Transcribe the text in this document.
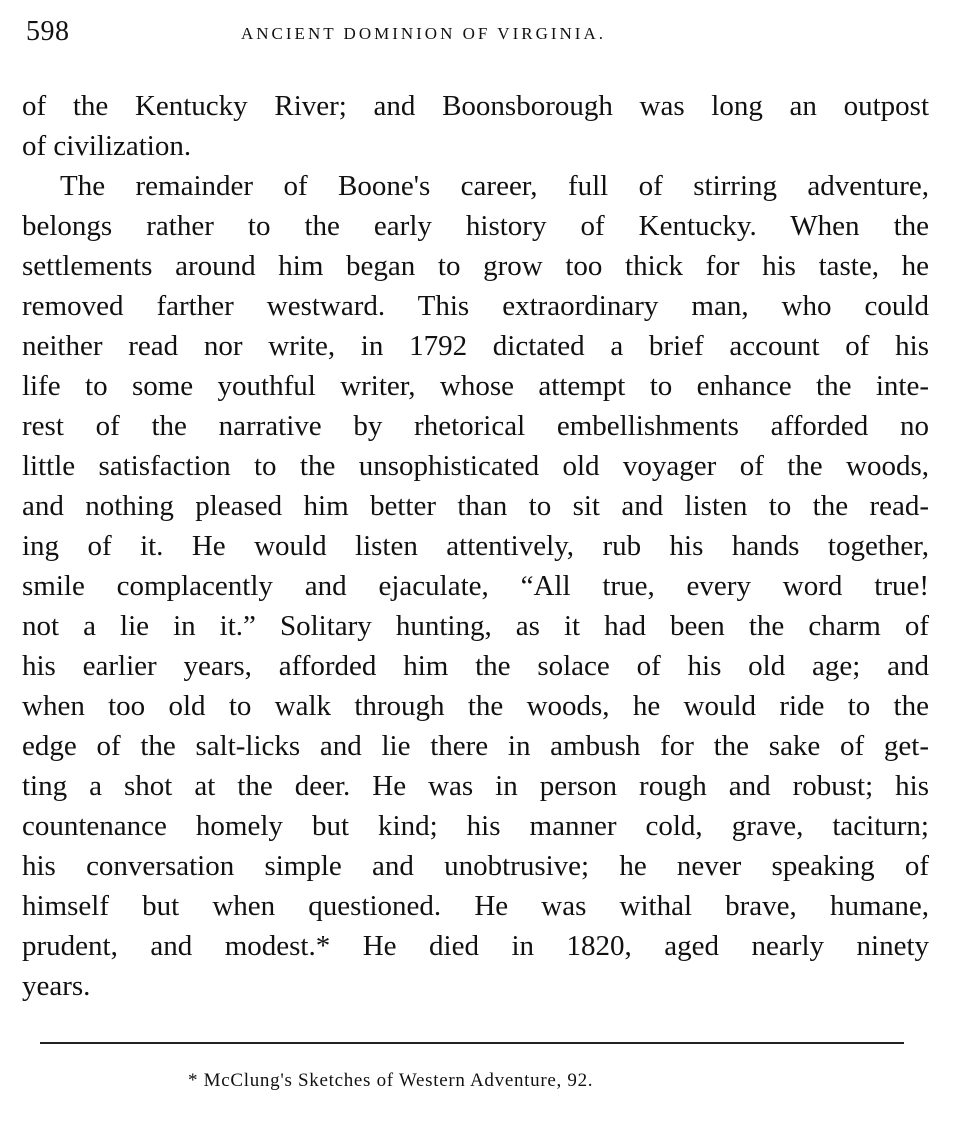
598	ANCIENT DOMINION OF VIRGINIA.
of the Kentucky River; and Boonsborough was long an outpost
of civilization.
The remainder of Boone's career, full of stirring adventure,
belongs rather to the early history of Kentucky. When the
settlements around him began to grow too thick for his taste, he
removed farther westward. This extraordinary man, who could
neither read nor write, in 1792 dictated a brief account of his
life to some youthful writer, whose attempt to enhance the inte-
rest of the narrative by rhetorical embellishments afforded no
little satisfaction to the unsophisticated old voyager of the woods,
and nothing pleased him better than to sit and listen to the read-
ing of it. He would listen attentively, rub his hands together,
smile complacently and ejaculate, “All true, every word true!
not a lie in it.” Solitary hunting, as it had been the charm of
his earlier years, afforded him the solace of his old age; and
when too old to walk through the woods, he would ride to the
edge of the salt-licks and lie there in ambush for the sake of get-
ting a shot at the deer. He was in person rough and robust; his
countenance homely but kind; his manner cold, grave, taciturn;
his conversation simple and unobtrusive; he never speaking of
himself but when questioned. He was withal brave, humane,
prudent, and modest.* He died in 1820, aged nearly ninety
years.
* McClung's Sketches of Western Adventure, 92.
